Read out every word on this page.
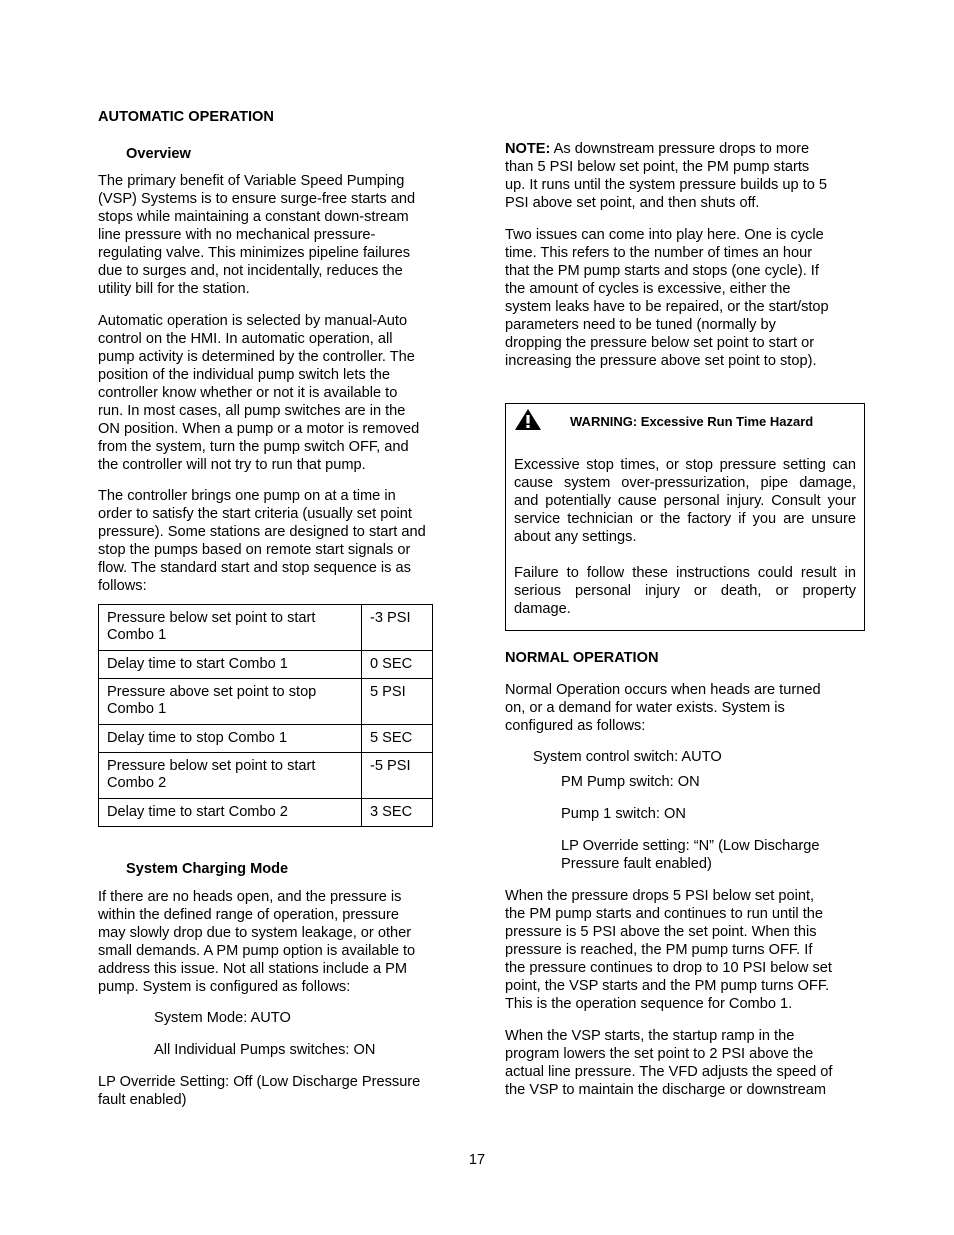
AUTOMATIC OPERATION
Overview

The primary benefit of Variable Speed Pumping
(VSP) Systems is to ensure surge-free starts and
stops while maintaining a constant down-stream
line pressure with no mechanical pressure-
regulating valve. This minimizes pipeline failures
due to surges and, not incidentally, reduces the
utility bill for the station.

Automatic operation is selected by manual-Auto
control on the HMI. In automatic operation, all
pump activity is determined by the controller. The
position of the individual pump switch lets the
controller know whether or not it is available to
run. In most cases, all pump switches are in the
ON position. When a pump or a motor is removed
from the system, turn the pump switch OFF, and
the controller will not try to run that pump.

The controller brings one pump on at a time in
order to satisfy the start criteria (usually set point
pressure). Some stations are designed to start and
stop the pumps based on remote start signals or
flow. The standard start and stop sequence is as
follows:

Pressure below set point to start
Combo 1	-3 PSI
Delay time to start Combo 1	0 SEC
Pressure above set point to stop
Combo 1	5 PSI
Delay time to stop Combo 1	5 SEC
Pressure below set point to start
Combo 2	-5 PSI
Delay time to start Combo 2	3 SEC
System Charging Mode

If there are no heads open, and the pressure is
within the defined range of operation, pressure
may slowly drop due to system leakage, or other
small demands. A PM pump option is available to
address this issue. Not all stations include a PM
pump. System is configured as follows:

System Mode: AUTO
All Individual Pumps switches: ON

LP Override Setting: Off (Low Discharge Pressure
fault enabled)

NOTE: As downstream pressure drops to more
than 5 PSI below set point, the PM pump starts
up. It runs until the system pressure builds up to 5
PSI above set point, and then shuts off.

Two issues can come into play here. One is cycle
time. This refers to the number of times an hour
that the PM pump starts and stops (one cycle). If
the amount of cycles is excessive, either the
system leaks have to be repaired, or the start/stop
parameters need to be tuned (normally by
dropping the pressure below set point to start or
increasing the pressure above set point to stop).

WARNING: Excessive Run Time Hazard

Excessive stop times, or stop pressure setting can cause system over-pressurization, pipe damage, and potentially cause personal injury. Consult your service technician or the factory if you are unsure about any settings.

Failure to follow these instructions could result in serious personal injury or death, or property damage.

NORMAL OPERATION

Normal Operation occurs when heads are turned
on, or a demand for water exists. System is
configured as follows:

System control switch: AUTO
PM Pump switch: ON
Pump 1 switch: ON

LP Override setting: “N” (Low Discharge
Pressure fault enabled)

When the pressure drops 5 PSI below set point,
the PM pump starts and continues to run until the
pressure is 5 PSI above the set point. When this
pressure is reached, the PM pump turns OFF. If
the pressure continues to drop to 10 PSI below set
point, the VSP starts and the PM pump turns OFF.
This is the operation sequence for Combo 1.

When the VSP starts, the startup ramp in the
program lowers the set point to 2 PSI above the
actual line pressure. The VFD adjusts the speed of
the VSP to maintain the discharge or downstream

17
